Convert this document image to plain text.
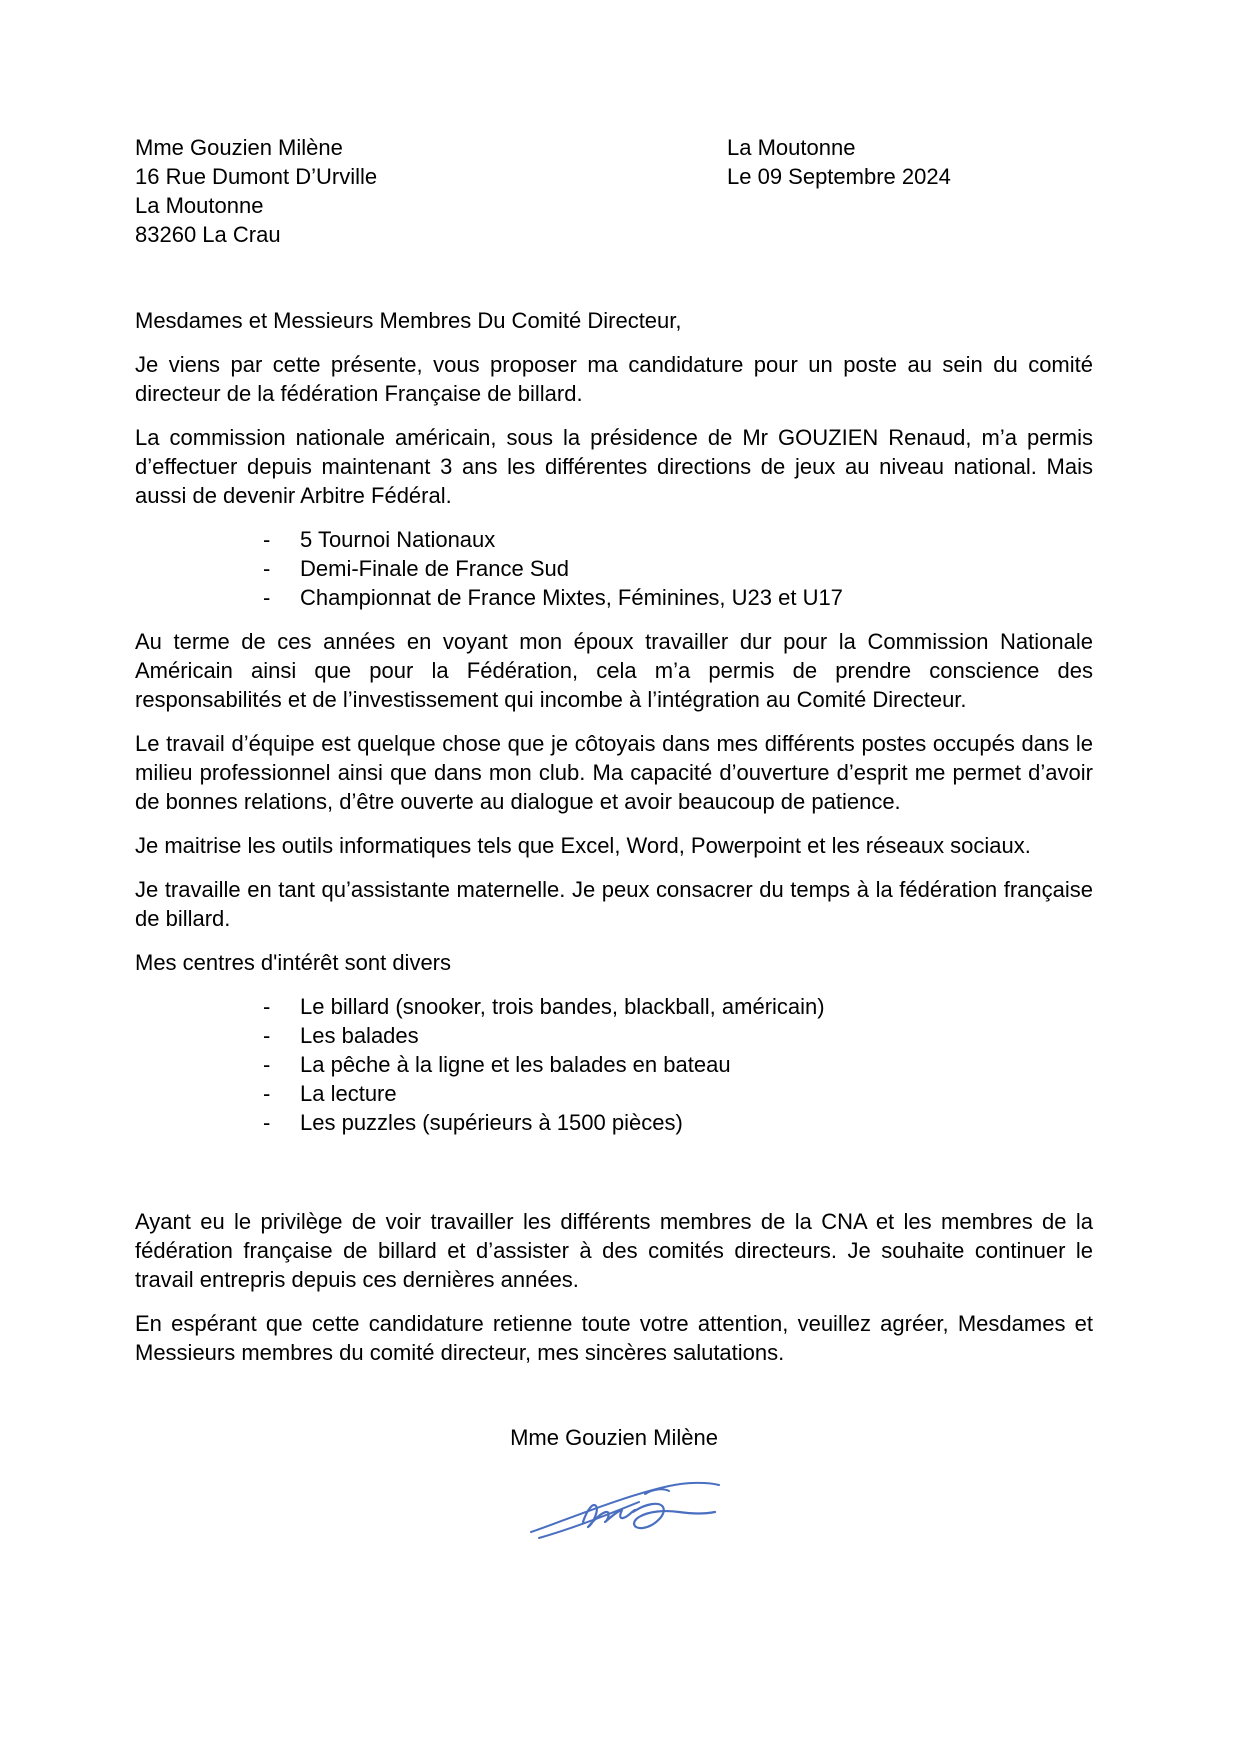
Mme Gouzien Milène
16 Rue Dumont D’Urville
La Moutonne
83260 La Crau
La Moutonne
Le 09 Septembre 2024

Mesdames et Messieurs Membres Du Comité Directeur,

Je viens par cette présente, vous proposer ma candidature pour un poste au sein du comité directeur de la fédération Française de billard.

La commission nationale américain, sous la présidence de Mr GOUZIEN Renaud, m’a permis d’effectuer depuis maintenant 3 ans les différentes directions de jeux au niveau national. Mais aussi de devenir Arbitre Fédéral.

-	5 Tournoi Nationaux
-	Demi-Finale de France Sud
-	Championnat de France Mixtes, Féminines, U23 et U17

Au terme de ces années en voyant mon époux travailler dur pour la Commission Nationale Américain ainsi que pour la Fédération, cela m’a permis de prendre conscience des responsabilités et de l’investissement qui incombe à l’intégration au Comité Directeur.

Le travail d’équipe est quelque chose que je côtoyais dans mes différents postes occupés dans le milieu professionnel ainsi que dans mon club. Ma capacité d’ouverture d’esprit me permet d’avoir de bonnes relations, d’être ouverte au dialogue et avoir beaucoup de patience.

Je maitrise les outils informatiques tels que Excel, Word, Powerpoint et les réseaux sociaux.

Je travaille en tant qu’assistante maternelle. Je peux consacrer du temps à la fédération française de billard.

Mes centres d'intérêt sont divers

-	Le billard (snooker, trois bandes, blackball, américain)
-	Les balades
-	La pêche à la ligne et les balades en bateau
-	La lecture
-	Les puzzles (supérieurs à 1500 pièces)

Ayant eu le privilège de voir travailler les différents membres de la CNA et les membres de la fédération française de billard et d’assister à des comités directeurs. Je souhaite continuer le travail entrepris depuis ces dernières années.

En espérant que cette candidature retienne toute votre attention, veuillez agréer, Mesdames et Messieurs membres du comité directeur, mes sincères salutations.

Mme Gouzien Milène
